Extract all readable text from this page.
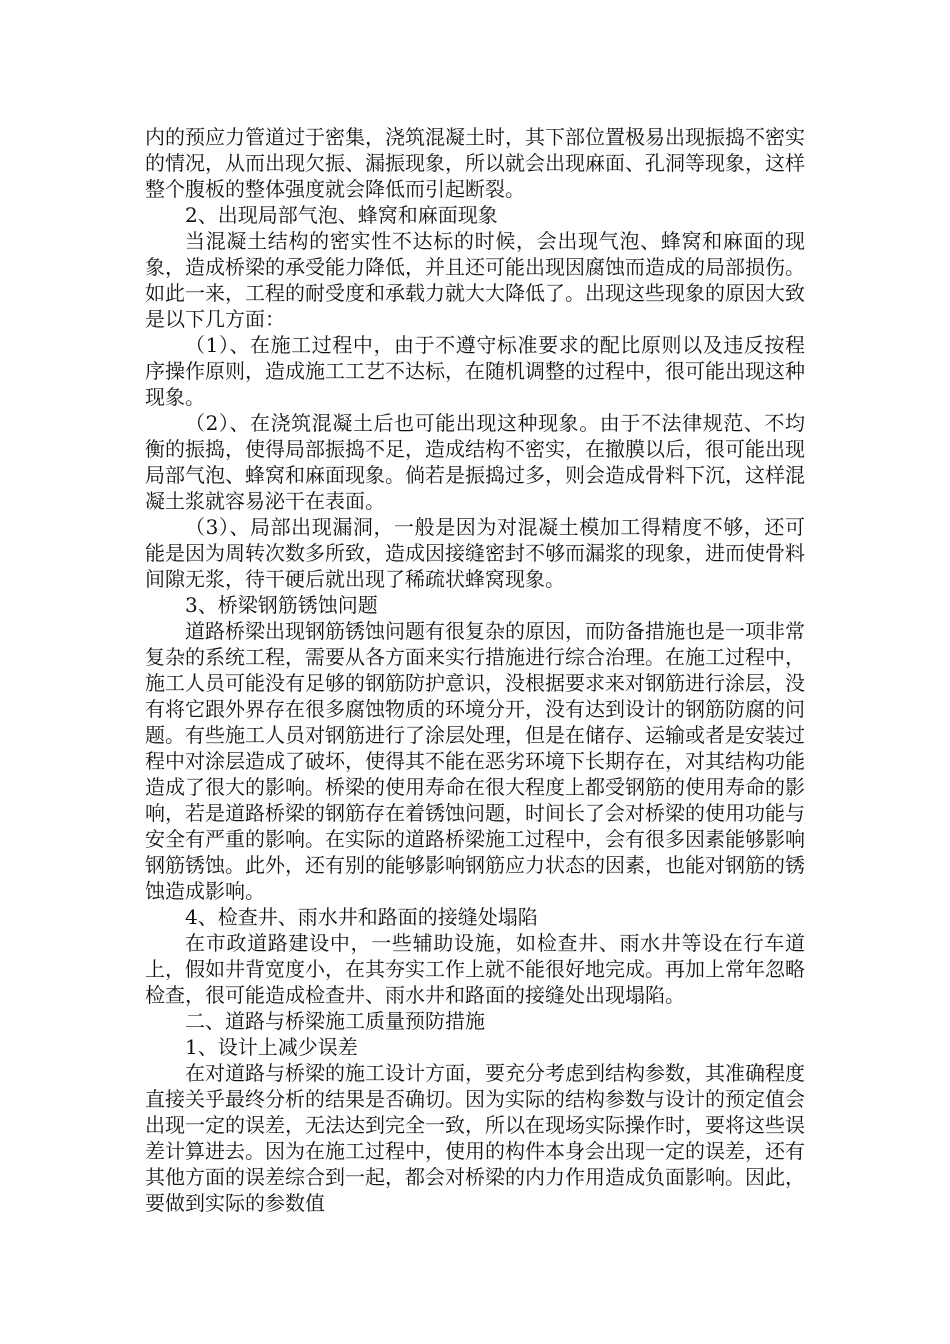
内的预应力管道过于密集，浇筑混凝土时，其下部位置极易出现振捣不密实的情况，从而出现欠振、漏振现象，所以就会出现麻面、孔洞等现象，这样整个腹板的整体强度就会降低而引起断裂。

2、出现局部气泡、蜂窝和麻面现象

当混凝土结构的密实性不达标的时候，会出现气泡、蜂窝和麻面的现象，造成桥梁的承受能力降低，并且还可能出现因腐蚀而造成的局部损伤。如此一来，工程的耐受度和承载力就大大降低了。出现这些现象的原因大致是以下几方面：

（1）、在施工过程中，由于不遵守标准要求的配比原则以及违反按程序操作原则，造成施工工艺不达标，在随机调整的过程中，很可能出现这种现象。

（2）、在浇筑混凝土后也可能出现这种现象。由于不法律规范、不均衡的振捣，使得局部振捣不足，造成结构不密实，在撤膜以后，很可能出现局部气泡、蜂窝和麻面现象。倘若是振捣过多，则会造成骨料下沉，这样混凝土浆就容易泌干在表面。

（3）、局部出现漏洞，一般是因为对混凝土模加工得精度不够，还可能是因为周转次数多所致，造成因接缝密封不够而漏浆的现象，进而使骨料间隙无浆，待干硬后就出现了稀疏状蜂窝现象。

3、桥梁钢筋锈蚀问题

道路桥梁出现钢筋锈蚀问题有很复杂的原因，而防备措施也是一项非常复杂的系统工程，需要从各方面来实行措施进行综合治理。在施工过程中，施工人员可能没有足够的钢筋防护意识，没根据要求来对钢筋进行涂层，没有将它跟外界存在很多腐蚀物质的环境分开，没有达到设计的钢筋防腐的问题。有些施工人员对钢筋进行了涂层处理，但是在储存、运输或者是安装过程中对涂层造成了破坏，使得其不能在恶劣环境下长期存在，对其结构功能造成了很大的影响。桥梁的使用寿命在很大程度上都受钢筋的使用寿命的影响，若是道路桥梁的钢筋存在着锈蚀问题，时间长了会对桥梁的使用功能与安全有严重的影响。在实际的道路桥梁施工过程中，会有很多因素能够影响钢筋锈蚀。此外，还有别的能够影响钢筋应力状态的因素，也能对钢筋的锈蚀造成影响。

4、检查井、雨水井和路面的接缝处塌陷

在市政道路建设中，一些辅助设施，如检查井、雨水井等设在行车道上，假如井背宽度小，在其夯实工作上就不能很好地完成。再加上常年忽略检查，很可能造成检查井、雨水井和路面的接缝处出现塌陷。

二、道路与桥梁施工质量预防措施

1、设计上减少误差

在对道路与桥梁的施工设计方面，要充分考虑到结构参数，其准确程度直接关乎最终分析的结果是否确切。因为实际的结构参数与设计的预定值会出现一定的误差，无法达到完全一致，所以在现场实际操作时，要将这些误差计算进去。因为在施工过程中，使用的构件本身会出现一定的误差，还有其他方面的误差综合到一起，都会对桥梁的内力作用造成负面影响。因此，要做到实际的参数值
